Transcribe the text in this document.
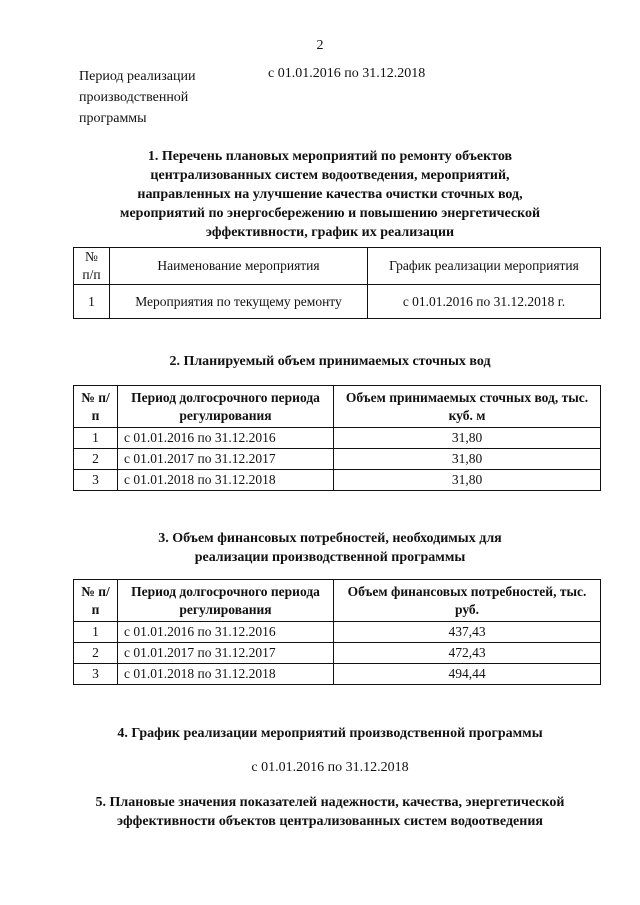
2
Период реализации
производственной
программы
с 01.01.2016 по 31.12.2018
1. Перечень плановых мероприятий по ремонту объектов
централизованных систем водоотведения, мероприятий,
направленных на улучшение качества очистки сточных вод,
мероприятий по энергосбережению и повышению энергетической
эффективности, график их реализации
№ п/п	Наименование мероприятия	График реализации мероприятия
1	Мероприятия по текущему ремонту	с 01.01.2016 по 31.12.2018 г.
2. Планируемый объем принимаемых сточных вод
№ п/п	Период долгосрочного периода регулирования	Объем принимаемых сточных вод, тыс. куб. м
1	с 01.01.2016 по 31.12.2016	31,80
2	с 01.01.2017 по 31.12.2017	31,80
3	с 01.01.2018 по 31.12.2018	31,80
3. Объем финансовых потребностей, необходимых для
реализации производственной программы
№ п/п	Период долгосрочного периода регулирования	Объем финансовых потребностей, тыс. руб.
1	с 01.01.2016 по 31.12.2016	437,43
2	с 01.01.2017 по 31.12.2017	472,43
3	с 01.01.2018 по 31.12.2018	494,44
4. График реализации мероприятий производственной программы
с 01.01.2016 по 31.12.2018
5. Плановые значения показателей надежности, качества, энергетической
эффективности объектов централизованных систем водоотведения
